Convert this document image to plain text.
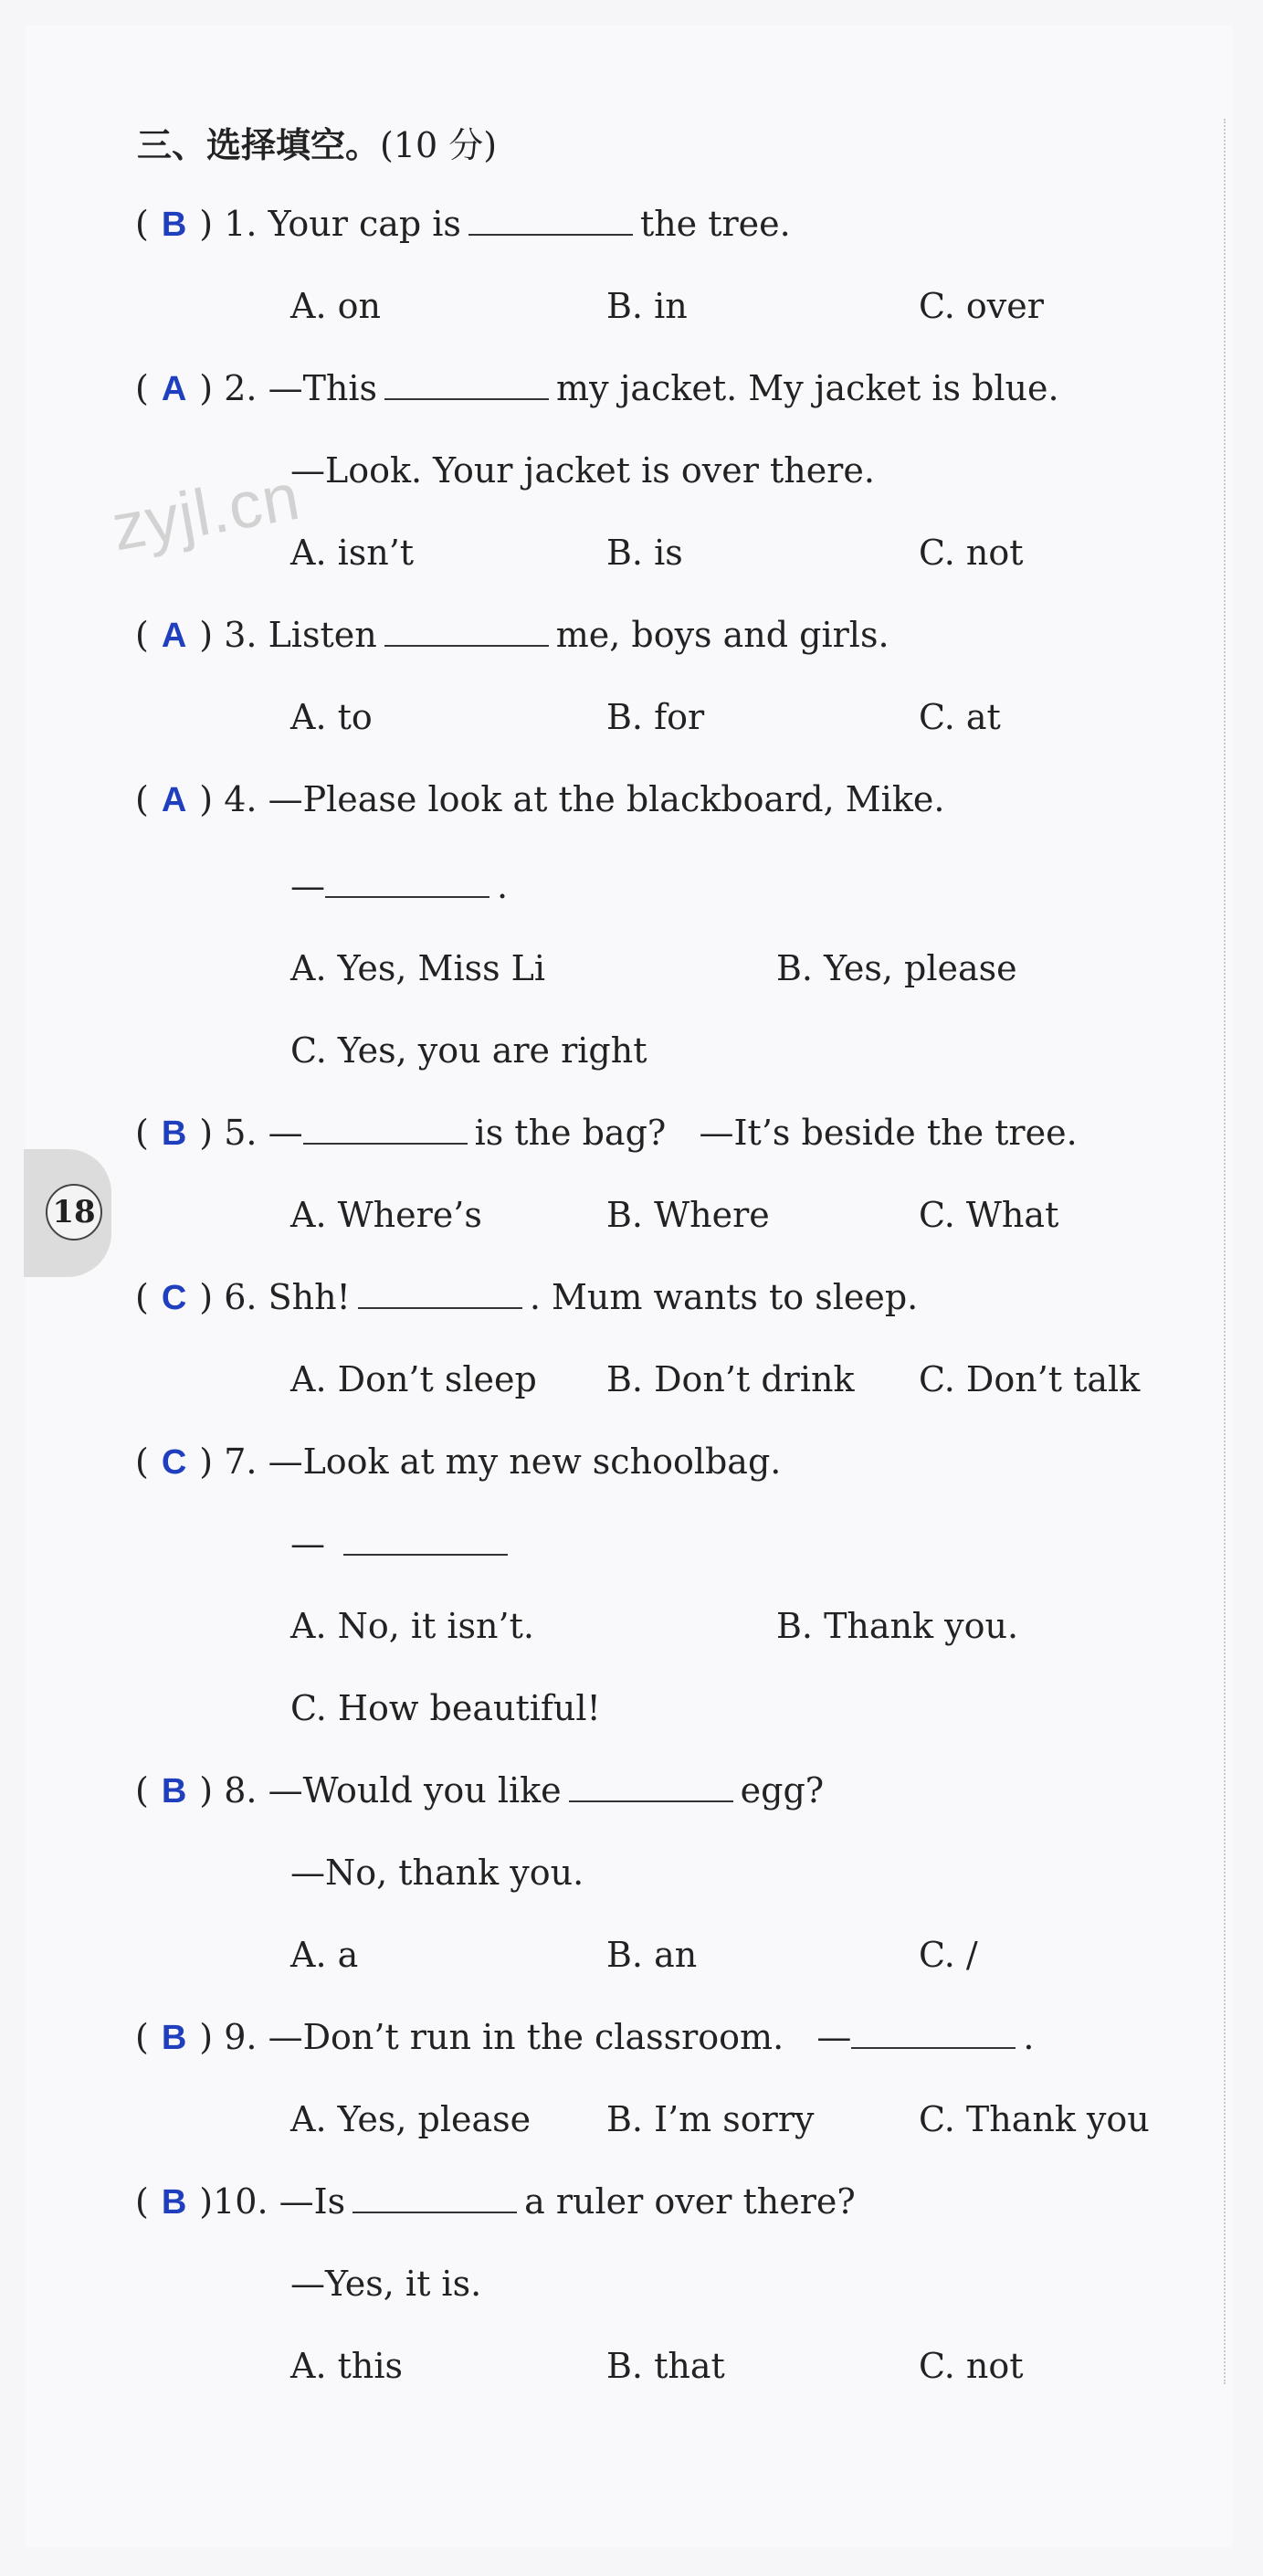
zyjl.cn
18
三、选择填空。(10 分)
( B ) 1. Your cap is	the tree.
A. on	B. in	C. over
( A ) 2. —This	my jacket. My jacket is blue.
—Look. Your jacket is over there.
A. isn’t	B. is	C. not
( A ) 3. Listen	me, boys and girls.
A. to	B. for	C. at
( A ) 4. —Please look at the blackboard, Mike.
—	.
A. Yes, Miss Li	B. Yes, please
C. Yes, you are right
( B ) 5. —	is the bag? —It’s beside the tree.
A. Where’s	B. Where	C. What
( C ) 6. Shh!	. Mum wants to sleep.
A. Don’t sleep B. Don’t drink C. Don’t talk
( C ) 7. —Look at my new schoolbag.
—
A. No, it isn’t.	B. Thank you.
C. How beautiful!
( B ) 8. —Would you like	egg?
—No, thank you.
A. a	B. an	C. /
( B ) 9. —Don’t run in the classroom. —	.
A. Yes, please B. I’m sorry	C. Thank you
( B )10. —Is	a ruler over there?
—Yes, it is.
A. this	B. that	C. not
